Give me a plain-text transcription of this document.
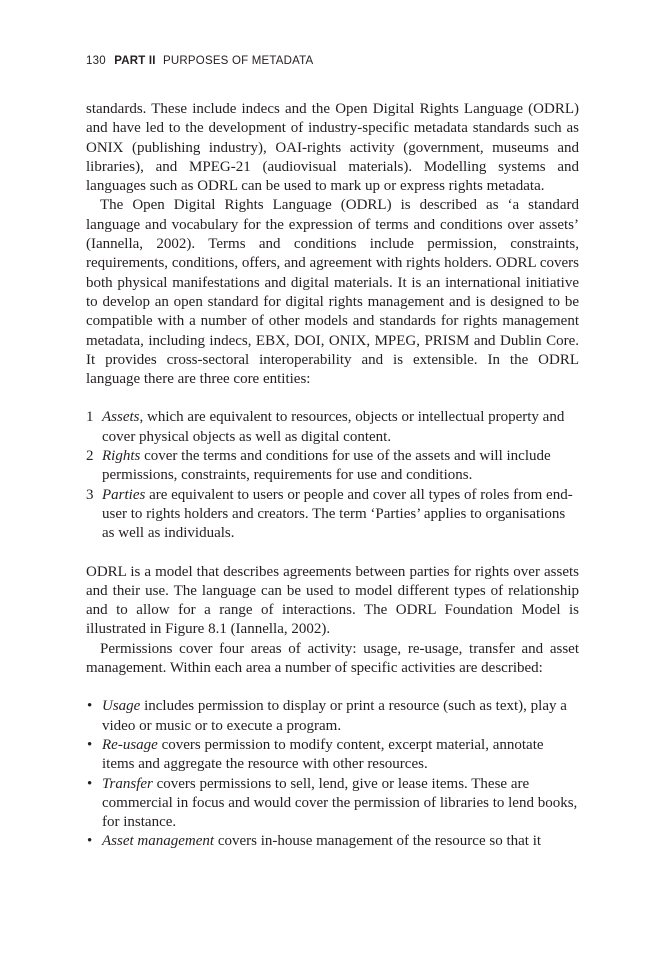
130 PART II PURPOSES OF METADATA

standards. These include indecs and the Open Digital Rights Language (ODRL) and have led to the development of industry-specific metadata standards such as ONIX (publishing industry), OAI-rights activity (government, museums and libraries), and MPEG-21 (audiovisual materials). Modelling systems and languages such as ODRL can be used to mark up or express rights metadata.

The Open Digital Rights Language (ODRL) is described as ‘a standard language and vocabulary for the expression of terms and conditions over assets’ (Iannella, 2002). Terms and conditions include permission, constraints, requirements, conditions, offers, and agreement with rights holders. ODRL covers both physical manifestations and digital materials. It is an international initiative to develop an open standard for digital rights management and is designed to be compatible with a number of other models and standards for rights management metadata, including indecs, EBX, DOI, ONIX, MPEG, PRISM and Dublin Core. It provides cross-sectoral interoperability and is extensible. In the ODRL language there are three core entities:

1 Assets, which are equivalent to resources, objects or intellectual property and cover physical objects as well as digital content.
2 Rights cover the terms and conditions for use of the assets and will include permissions, constraints, requirements for use and conditions.
3 Parties are equivalent to users or people and cover all types of roles from end-user to rights holders and creators. The term ‘Parties’ applies to organisations as well as individuals.

ODRL is a model that describes agreements between parties for rights over assets and their use. The language can be used to model different types of relationship and to allow for a range of interactions. The ODRL Foundation Model is illustrated in Figure 8.1 (Iannella, 2002).

Permissions cover four areas of activity: usage, re-usage, transfer and asset management. Within each area a number of specific activities are described:

• Usage includes permission to display or print a resource (such as text), play a video or music or to execute a program.
• Re-usage covers permission to modify content, excerpt material, annotate items and aggregate the resource with other resources.
• Transfer covers permissions to sell, lend, give or lease items. These are commercial in focus and would cover the permission of libraries to lend books, for instance.
• Asset management covers in-house management of the resource so that it
